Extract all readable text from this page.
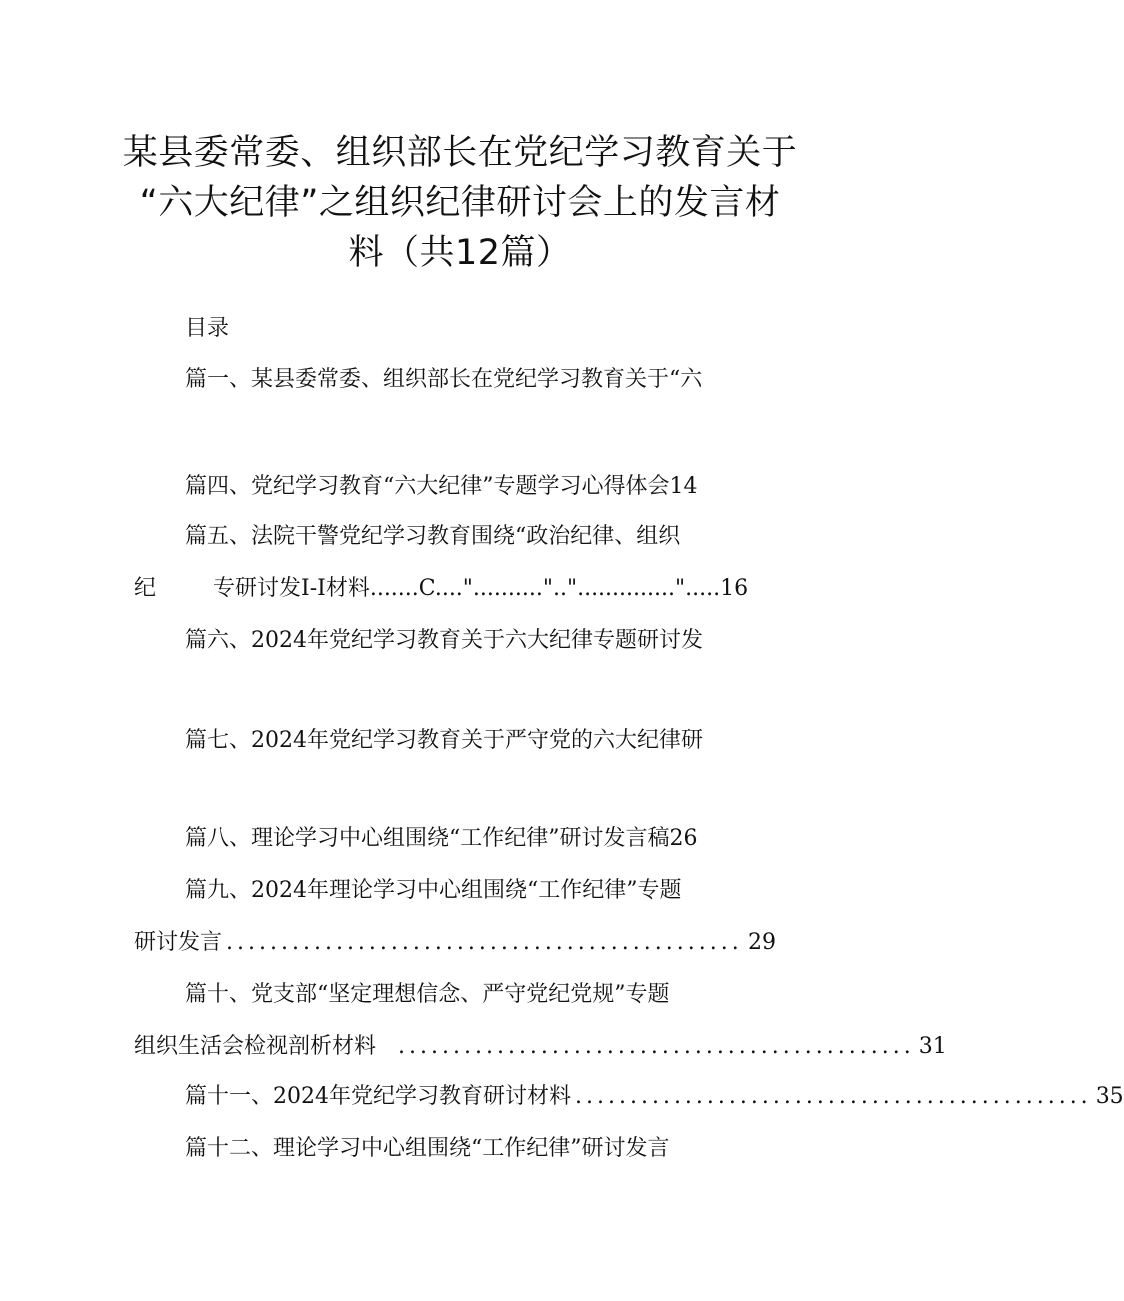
某县委常委、组织部长在党纪学习教育关于
“六大纪律”之组织纪律研讨会上的发言材
料（共12篇）
目录
篇一、某县委常委、组织部长在党纪学习教育关于“六
篇四、党纪学习教育“六大纪律”专题学习心得体会14
篇五、法院干警党纪学习教育围绕“政治纪律、组织
纪	专研讨发I-I材料.......C...."..........".."..............".....16
篇六、2024年党纪学习教育关于六大纪律专题研讨发
篇七、2024年党纪学习教育关于严守党的六大纪律研
篇八、理论学习中心组围绕“工作纪律”研讨发言稿26
篇九、2024年理论学习中心组围绕“工作纪律”专题
研讨发言 ............................................... 29
篇十、党支部“坚定理想信念、严守党纪党规”专题
组织生活会检视剖析材料	............................................... 31
篇十一、2024年党纪学习教育研讨材料 ............................................... 35
篇十二、理论学习中心组围绕“工作纪律”研讨发言
